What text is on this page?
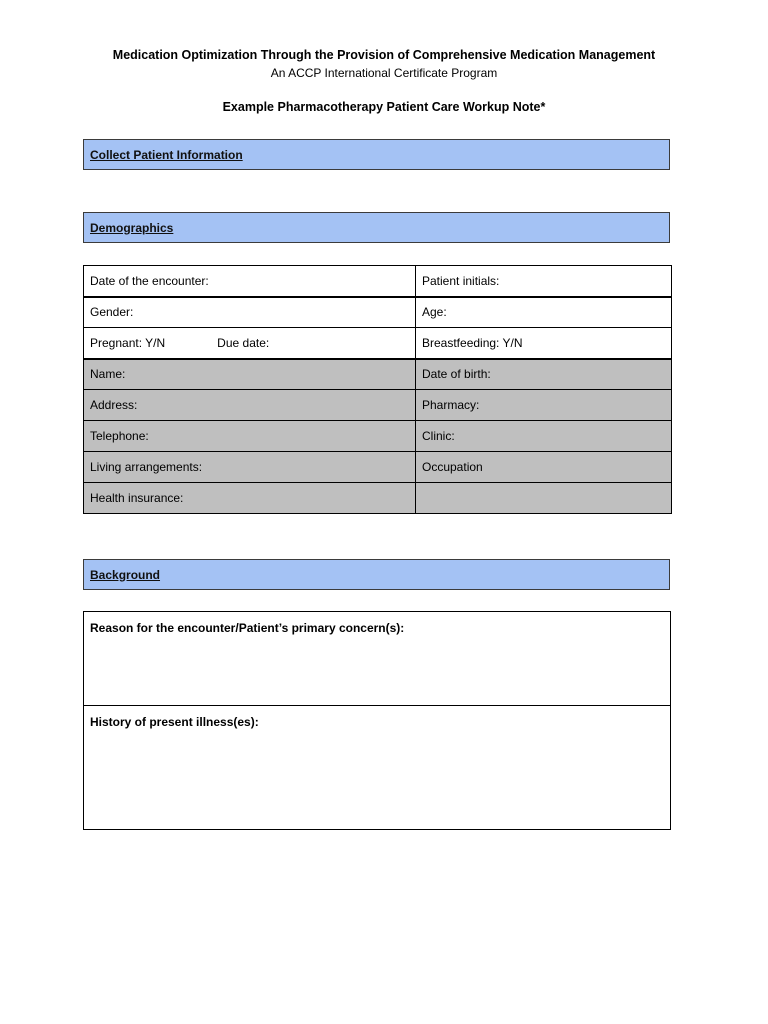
Medication Optimization Through the Provision of Comprehensive Medication Management

An ACCP International Certificate Program

Example Pharmacotherapy Patient Care Workup Note*

Collect Patient Information
Demographics
Date of the encounter:	Patient initials:
Gender:	Age:
Pregnant: Y/N Due date:	Breastfeeding: Y/N
Name:	Date of birth:
Address:	Pharmacy:
Telephone:	Clinic:
Living arrangements:	Occupation
Health insurance:	
Background
Reason for the encounter/Patient’s primary concern(s):
History of present illness(es):
